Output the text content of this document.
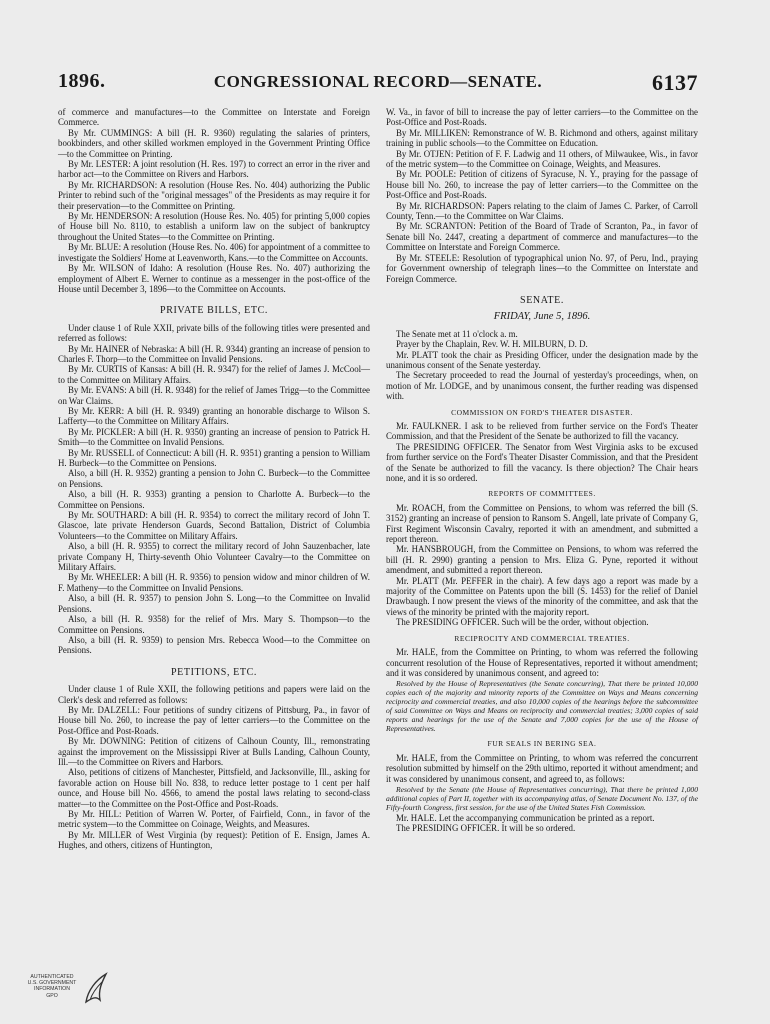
1896.	CONGRESSIONAL RECORD—SENATE.	6137

of commerce and manufactures—to the Committee on Interstate and Foreign Commerce.

By Mr. CUMMINGS: A bill (H. R. 9360) regulating the salaries of printers, bookbinders, and other skilled workmen employed in the Government Printing Office—to the Committee on Printing.

By Mr. LESTER: A joint resolution (H. Res. 197) to correct an error in the river and harbor act—to the Committee on Rivers and Harbors.

By Mr. RICHARDSON: A resolution (House Res. No. 404) authorizing the Public Printer to rebind such of the "original messages" of the Presidents as may require it for their preservation—to the Committee on Printing.

By Mr. HENDERSON: A resolution (House Res. No. 405) for printing 5,000 copies of House bill No. 8110, to establish a uniform law on the subject of bankruptcy throughout the United States—to the Committee on Printing.

By Mr. BLUE: A resolution (House Res. No. 406) for appointment of a committee to investigate the Soldiers' Home at Leavenworth, Kans.—to the Committee on Accounts.

By Mr. WILSON of Idaho: A resolution (House Res. No. 407) authorizing the employment of Albert E. Werner to continue as a messenger in the post-office of the House until December 3, 1896—to the Committee on Accounts.

PRIVATE BILLS, ETC.

Under clause 1 of Rule XXII, private bills of the following titles were presented and referred as follows:

By Mr. HAINER of Nebraska: A bill (H. R. 9344) granting an increase of pension to Charles F. Thorp—to the Committee on Invalid Pensions.

By Mr. CURTIS of Kansas: A bill (H. R. 9347) for the relief of James J. McCool—to the Committee on Military Affairs.

By Mr. EVANS: A bill (H. R. 9348) for the relief of James Trigg—to the Committee on War Claims.

By Mr. KERR: A bill (H. R. 9349) granting an honorable discharge to Wilson S. Lafferty—to the Committee on Military Affairs.

By Mr. PICKLER: A bill (H. R. 9350) granting an increase of pension to Patrick H. Smith—to the Committee on Invalid Pensions.

By Mr. RUSSELL of Connecticut: A bill (H. R. 9351) granting a pension to William H. Burbeck—to the Committee on Pensions.

Also, a bill (H. R. 9352) granting a pension to John C. Burbeck—to the Committee on Pensions.

Also, a bill (H. R. 9353) granting a pension to Charlotte A. Burbeck—to the Committee on Pensions.

By Mr. SOUTHARD: A bill (H. R. 9354) to correct the military record of John T. Glascoe, late private Henderson Guards, Second Battalion, District of Columbia Volunteers—to the Committee on Military Affairs.

Also, a bill (H. R. 9355) to correct the military record of John Sauzenbacher, late private Company H, Thirty-seventh Ohio Volunteer Cavalry—to the Committee on Military Affairs.

By Mr. WHEELER: A bill (H. R. 9356) to pension widow and minor children of W. F. Matheny—to the Committee on Invalid Pensions.

Also, a bill (H. R. 9357) to pension John S. Long—to the Committee on Invalid Pensions.

Also, a bill (H. R. 9358) for the relief of Mrs. Mary S. Thompson—to the Committee on Pensions.

Also, a bill (H. R. 9359) to pension Mrs. Rebecca Wood—to the Committee on Pensions.

PETITIONS, ETC.

Under clause 1 of Rule XXII, the following petitions and papers were laid on the Clerk's desk and referred as follows:

By Mr. DALZELL: Four petitions of sundry citizens of Pittsburg, Pa., in favor of House bill No. 260, to increase the pay of letter carriers—to the Committee on the Post-Office and Post-Roads.

By Mr. DOWNING: Petition of citizens of Calhoun County, Ill., remonstrating against the improvement on the Mississippi River at Bulls Landing, Calhoun County, Ill.—to the Committee on Rivers and Harbors.

Also, petitions of citizens of Manchester, Pittsfield, and Jacksonville, Ill., asking for favorable action on House bill No. 838, to reduce letter postage to 1 cent per half ounce, and House bill No. 4566, to amend the postal laws relating to second-class matter—to the Committee on the Post-Office and Post-Roads.

By Mr. HILL: Petition of Warren W. Porter, of Fairfield, Conn., in favor of the metric system—to the Committee on Coinage, Weights, and Measures.

By Mr. MILLER of West Virginia (by request): Petition of E. Ensign, James A. Hughes, and others, citizens of Huntington,

W. Va., in favor of bill to increase the pay of letter carriers—to the Committee on the Post-Office and Post-Roads.

By Mr. MILLIKEN: Remonstrance of W. B. Richmond and others, against military training in public schools—to the Committee on Education.

By Mr. OTJEN: Petition of F. F. Ladwig and 11 others, of Milwaukee, Wis., in favor of the metric system—to the Committee on Coinage, Weights, and Measures.

By Mr. POOLE: Petition of citizens of Syracuse, N. Y., praying for the passage of House bill No. 260, to increase the pay of letter carriers—to the Committee on the Post-Office and Post-Roads.

By Mr. RICHARDSON: Papers relating to the claim of James C. Parker, of Carroll County, Tenn.—to the Committee on War Claims.

By Mr. SCRANTON: Petition of the Board of Trade of Scranton, Pa., in favor of Senate bill No. 2447, creating a department of commerce and manufactures—to the Committee on Interstate and Foreign Commerce.

By Mr. STEELE: Resolution of typographical union No. 97, of Peru, Ind., praying for Government ownership of telegraph lines—to the Committee on Interstate and Foreign Commerce.

SENATE.
FRIDAY, June 5, 1896.

The Senate met at 11 o'clock a. m.

Prayer by the Chaplain, Rev. W. H. MILBURN, D. D.

Mr. PLATT took the chair as Presiding Officer, under the designation made by the unanimous consent of the Senate yesterday.

The Secretary proceeded to read the Journal of yesterday's proceedings, when, on motion of Mr. LODGE, and by unanimous consent, the further reading was dispensed with.

COMMISSION ON FORD'S THEATER DISASTER.

Mr. FAULKNER. I ask to be relieved from further service on the Ford's Theater Commission, and that the President of the Senate be authorized to fill the vacancy.

The PRESIDING OFFICER. The Senator from West Virginia asks to be excused from further service on the Ford's Theater Disaster Commission, and that the President of the Senate be authorized to fill the vacancy. Is there objection? The Chair hears none, and it is so ordered.

REPORTS OF COMMITTEES.

Mr. ROACH, from the Committee on Pensions, to whom was referred the bill (S. 3152) granting an increase of pension to Ransom S. Angell, late private of Company G, First Regiment Wisconsin Cavalry, reported it with an amendment, and submitted a report thereon.

Mr. HANSBROUGH, from the Committee on Pensions, to whom was referred the bill (H. R. 2990) granting a pension to Mrs. Eliza G. Pyne, reported it without amendment, and submitted a report thereon.

Mr. PLATT (Mr. PEFFER in the chair). A few days ago a report was made by a majority of the Committee on Patents upon the bill (S. 1453) for the relief of Daniel Drawbaugh. I now present the views of the minority of the committee, and ask that the views of the minority be printed with the majority report.

The PRESIDING OFFICER. Such will be the order, without objection.

RECIPROCITY AND COMMERCIAL TREATIES.

Mr. HALE, from the Committee on Printing, to whom was referred the following concurrent resolution of the House of Representatives, reported it without amendment; and it was considered by unanimous consent, and agreed to:

Resolved by the House of Representatives (the Senate concurring), That there be printed 10,000 copies each of the majority and minority reports of the Committee on Ways and Means concerning reciprocity and commercial treaties, and also 10,000 copies of the hearings before the subcommittee of said Committee on Ways and Means on reciprocity and commercial treaties; 3,000 copies of said reports and hearings for the use of the Senate and 7,000 copies for the use of the House of Representatives.

FUR SEALS IN BERING SEA.

Mr. HALE, from the Committee on Printing, to whom was referred the concurrent resolution submitted by himself on the 29th ultimo, reported it without amendment; and it was considered by unanimous consent, and agreed to, as follows:

Resolved by the Senate (the House of Representatives concurring), That there be printed 1,000 additional copies of Part II, together with its accompanying atlas, of Senate Document No. 137, of the Fifty-fourth Congress, first session, for the use of the United States Fish Commission.

Mr. HALE. Let the accompanying communication be printed as a report.

The PRESIDING OFFICER. It will be so ordered.

AUTHENTICATED
U.S. GOVERNMENT
INFORMATION
GPO
